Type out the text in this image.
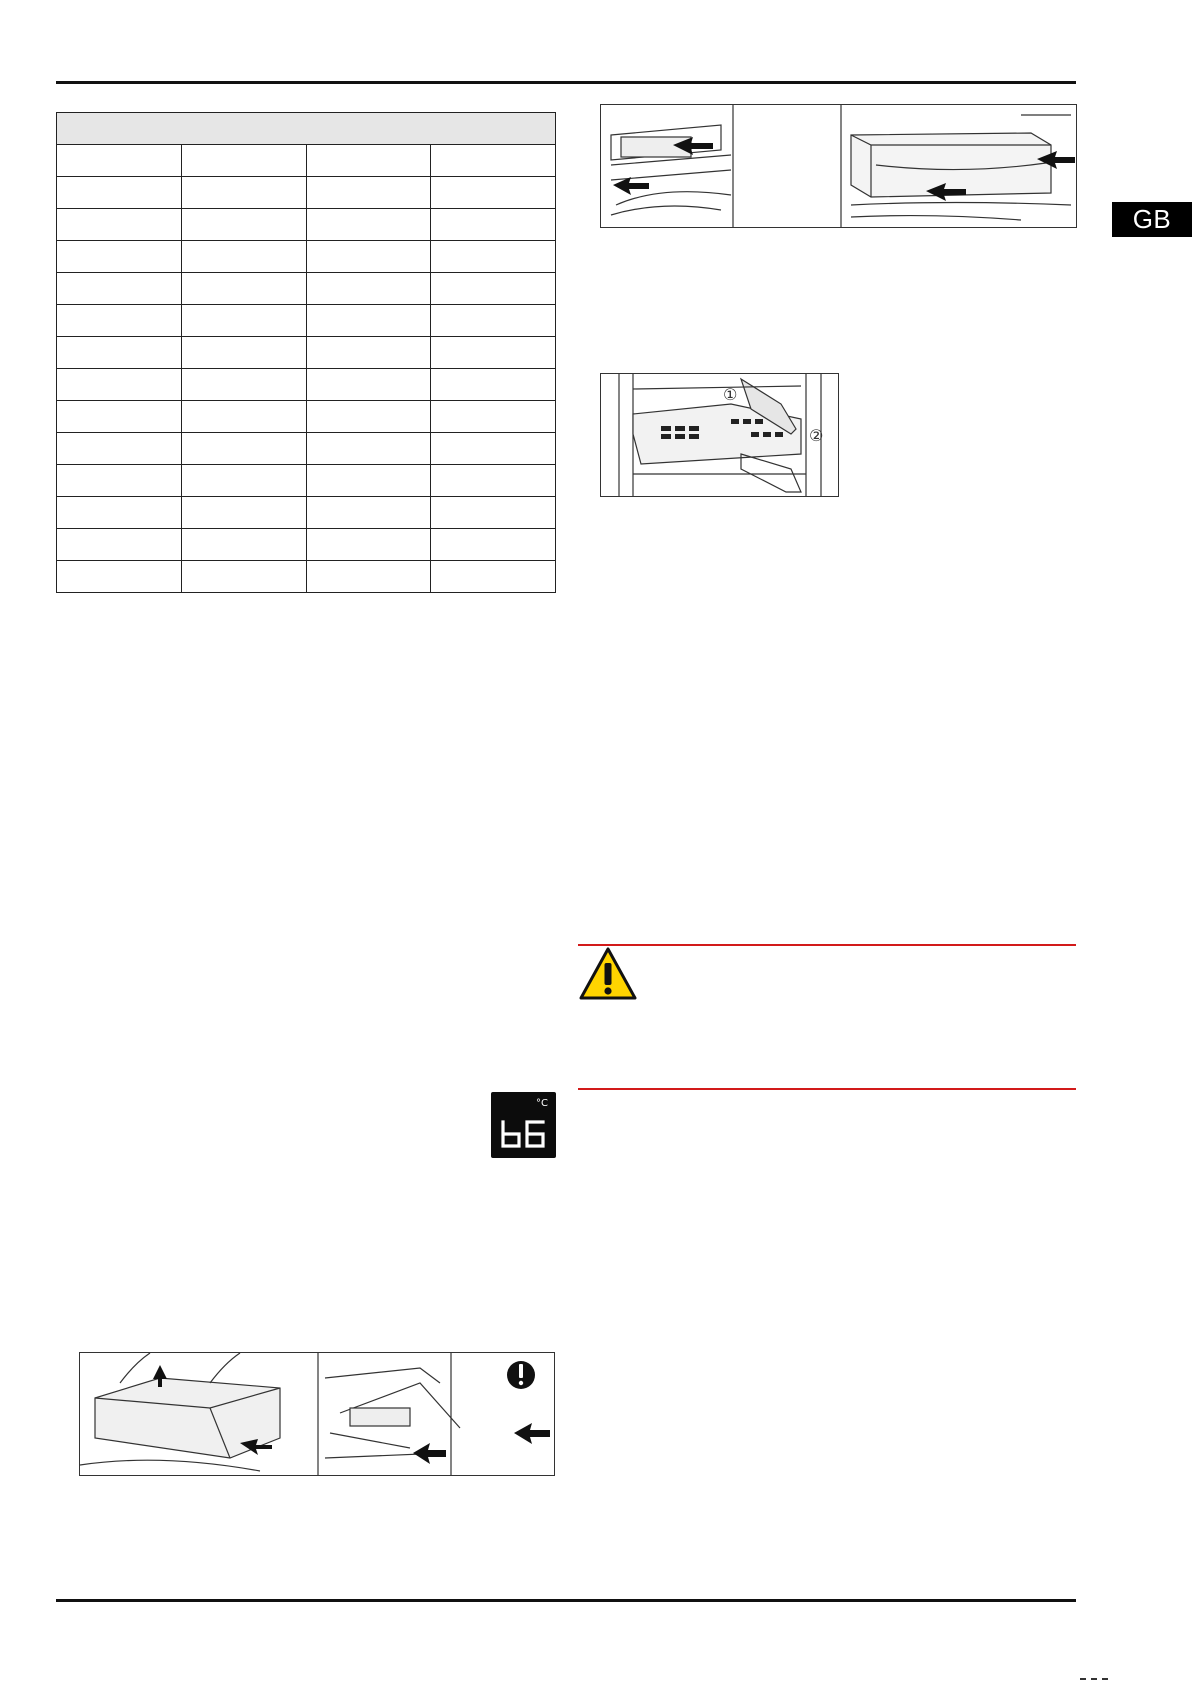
GB

①
②
°C
